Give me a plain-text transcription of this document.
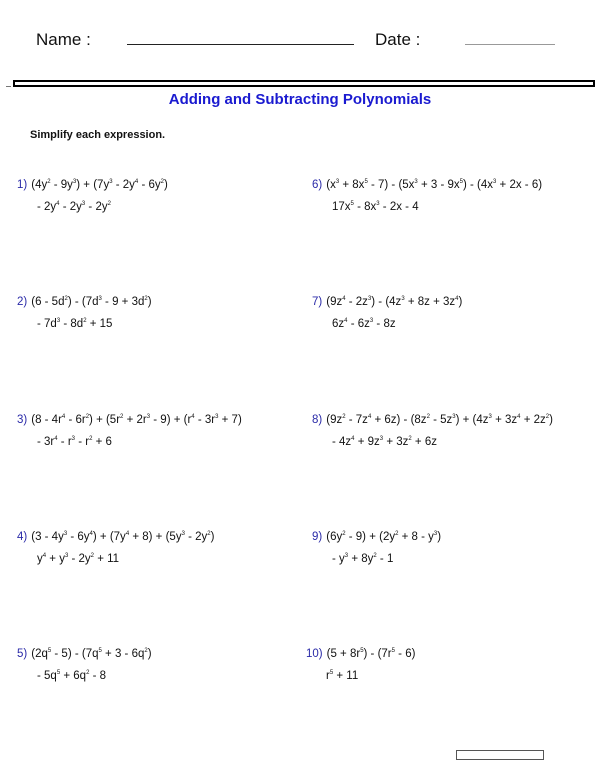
Name :	Date :
Adding and Subtracting Polynomials
Simplify each expression.
1) $(4y^2 - 9y^3) + (7y^3 - 2y^4 - 6y^2)$
- $2y^4 - 2y^3 - 2y^2$
2) $(6 - 5d^2) - (7d^3 - 9 + 3d^2)$
- $7d^3 - 8d^2 + 15$
3) $(8 - 4r^4 - 6r^2) + (5r^2 + 2r^3 - 9) + (r^4 - 3r^3 + 7)$
- $3r^4 - r^3 - r^2 + 6$
4) $(3 - 4y^3 - 6y^4) + (7y^4 + 8) + (5y^3 - 2y^2)$
$y^4 + y^3 - 2y^2 + 11$
5) $(2q^5 - 5) - (7q^5 + 3 - 6q^2)$
- $5q^5 + 6q^2 - 8$
6) $(x^3 + 8x^5 - 7) - (5x^3 + 3 - 9x^5) - (4x^3 + 2x - 6)$
$17x^5 - 8x^3 - 2x - 4$
7) $(9z^4 - 2z^3) - (4z^3 + 8z + 3z^4)$
$6z^4 - 6z^3 - 8z$
8) $(9z^2 - 7z^4 + 6z) - (8z^2 - 5z^3) + (4z^3 + 3z^4 + 2z^2)$
- $4z^4 + 9z^3 + 3z^2 + 6z$
9) $(6y^2 - 9) + (2y^2 + 8 - y^3)$
- $y^3 + 8y^2 - 1$
10) $(5 + 8r^5) - (7r^5 - 6)$
$r^5 + 11$
